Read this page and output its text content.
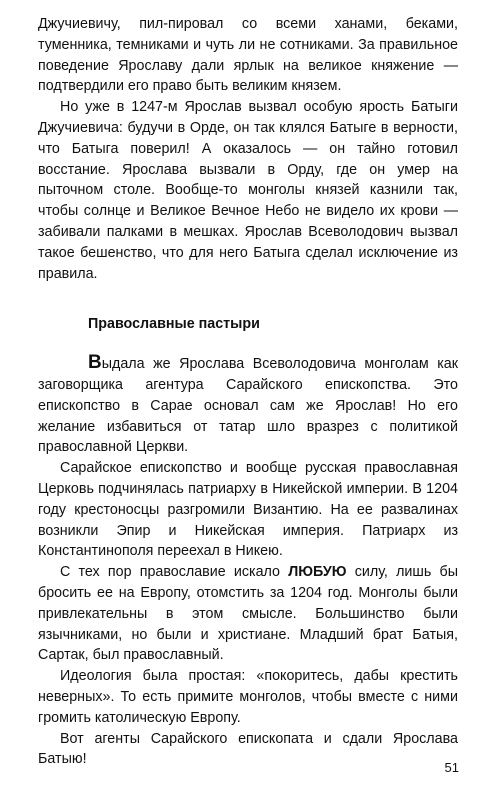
Джучиевичу, пил-пировал со всеми ханами, беками, туменника, темниками и чуть ли не сотниками. За правильное поведение Ярославу дали ярлык на великое княжение — подтвердили его право быть великим князем.

Но уже в 1247-м Ярослав вызвал особую ярость Батыги Джучиевича: будучи в Орде, он так клялся Батыге в верности, что Батыга поверил! А оказалось — он тайно готовил восстание. Ярослава вызвали в Орду, где он умер на пыточном столе. Вообще-то монголы князей казнили так, чтобы солнце и Великое Вечное Небо не видело их крови — забивали палками в мешках. Ярослав Всеволодович вызвал такое бешенство, что для него Батыга сделал исключение из правила.

Православные пастыри

Выдала же Ярослава Всеволодовича монголам как заговорщика агентура Сарайского епископства. Это епископство в Сарае основал сам же Ярослав! Но его желание избавиться от татар шло вразрез с политикой православной Церкви.

Сарайское епископство и вообще русская православная Церковь подчинялась патриарху в Никейской империи. В 1204 году крестоносцы разгромили Византию. На ее развалинах возникли Эпир и Никейская империя. Патриарх из Константинополя переехал в Никею.

С тех пор православие искало ЛЮБУЮ силу, лишь бы бросить ее на Европу, отомстить за 1204 год. Монголы были привлекательны в этом смысле. Большинство были язычниками, но были и христиане. Младший брат Батыя, Сартак, был православный.

Идеология была простая: «покоритесь, дабы крестить неверных». То есть примите монголов, чтобы вместе с ними громить католическую Европу.

Вот агенты Сарайского епископата и сдали Ярослава Батыю!

51
